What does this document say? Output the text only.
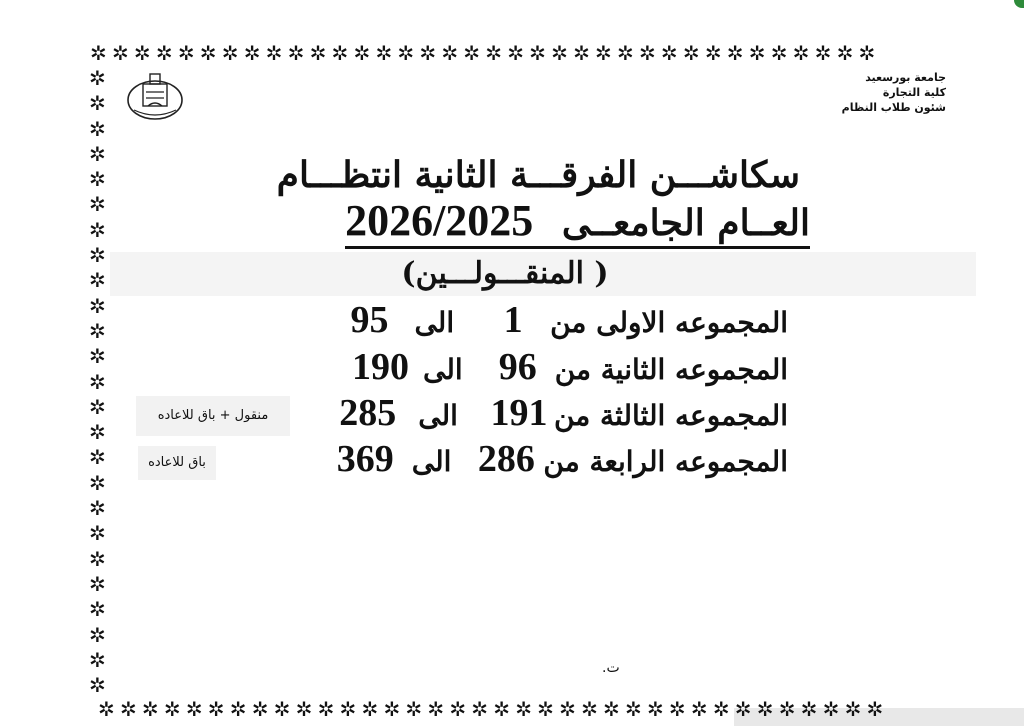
✲✲✲✲✲✲✲✲✲✲✲✲✲✲✲✲✲✲✲✲✲✲✲✲✲✲✲✲✲✲✲✲✲✲✲✲
✲✲✲✲✲✲✲✲✲✲✲✲✲✲✲✲✲✲✲✲✲✲✲✲✲✲✲✲✲✲✲✲✲✲✲✲
✲✲✲✲✲✲✲✲✲✲✲✲✲✲✲✲✲✲✲✲✲✲✲✲✲
جامعة بورسعيد
كلية التجارة
شئون طلاب النظام
سكاشـــن الفرقـــة الثانية انتظـــام
العــام الجامعــى 2026/2025
( المنقـــولـــين)
المجموعه الاولى من1الى95
المجموعه الثانية من96الى190
المجموعه الثالثة من191الى285
المجموعه الرابعة من286الى369
منقول + باق للاعاده
باق للاعاده
ت.
